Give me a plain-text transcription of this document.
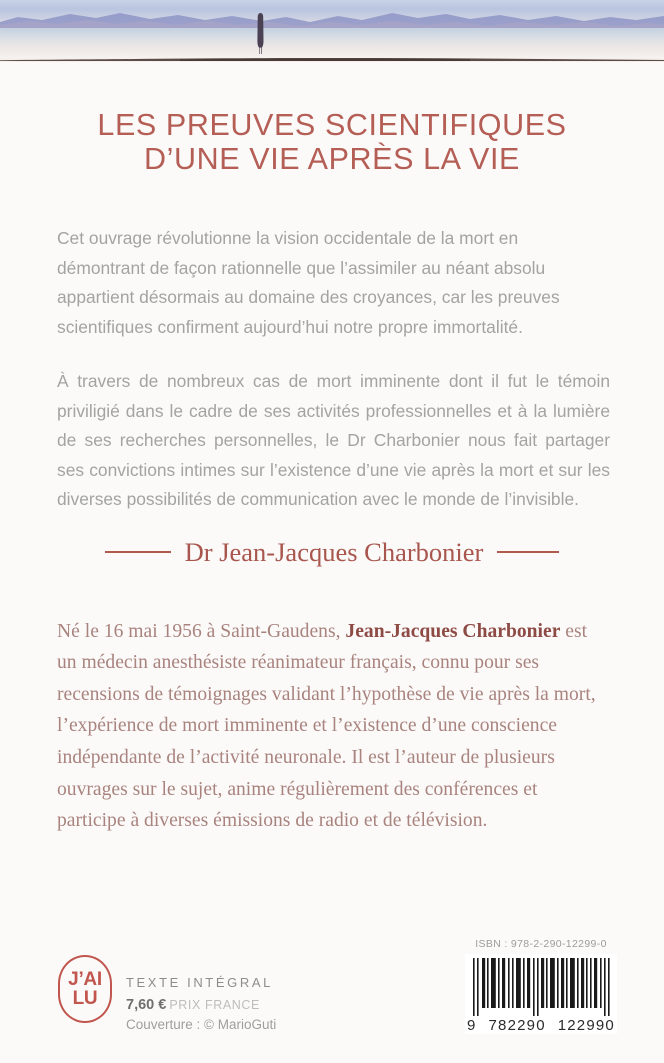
LES PREUVES SCIENTIFIQUES
D’UNE VIE APRÈS LA VIE

Cet ouvrage révolutionne la vision occidentale de la mort en démontrant de façon rationnelle que l’assimiler au néant absolu appartient désormais au domaine des croyances, car les preuves scientifiques confirment aujourd’hui notre propre immortalité.

À travers de nombreux cas de mort imminente dont il fut le témoin priviligié dans le cadre de ses activités professionnelles et à la lumière de ses recherches personnelles, le Dr Charbonier nous fait partager ses convictions intimes sur l’existence d’une vie après la mort et sur les diverses possibilités de communication avec le monde de l’invisible.

Dr Jean-Jacques Charbonier

Né le 16 mai 1956 à Saint-Gaudens, Jean-Jacques Charbonier est un médecin anesthésiste réanimateur français, connu pour ses recensions de témoignages validant l’hypothèse de vie après la mort, l’expérience de mort imminente et l’existence d’une conscience indépendante de l’activité neuronale. Il est l’auteur de plusieurs ouvrages sur le sujet, anime régulièrement des conférences et participe à diverses émissions de radio et de télévision.

J’AI
LU
TEXTE INTÉGRAL
7,60 € PRIX FRANCE
Couverture : © MarioGuti
ISBN : 978-2-290-12299-0
9 782290 122990
